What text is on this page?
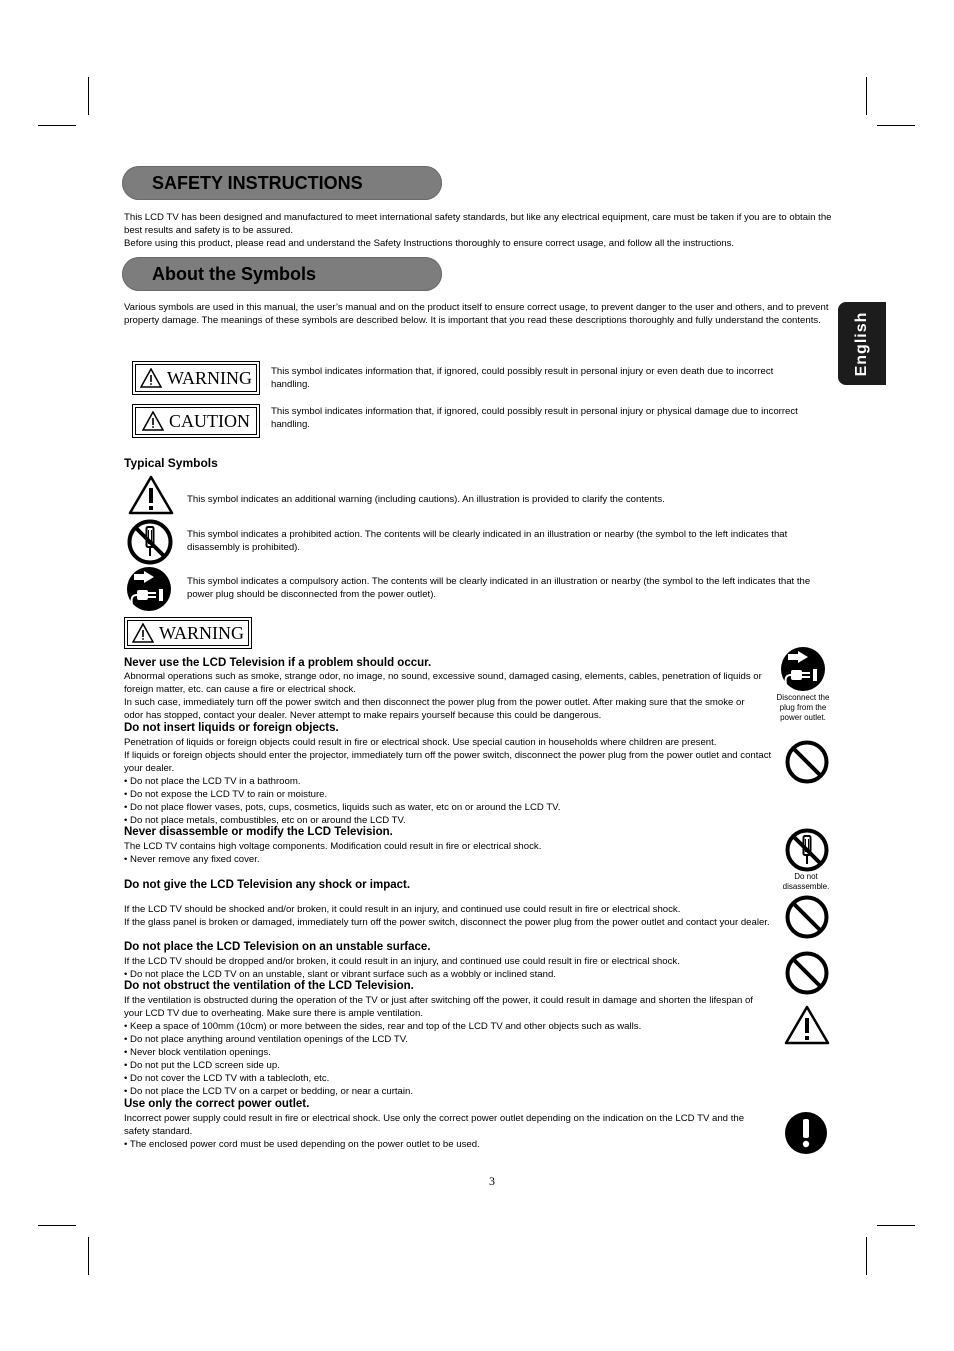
SAFETY INSTRUCTIONS
This LCD TV has been designed and manufactured to meet international safety standards, but like any electrical equipment, care must be taken if you are to obtain the best results and safety is to be assured.
Before using this product, please read and understand the Safety Instructions thoroughly to ensure correct usage, and follow all the instructions.
About the Symbols
Various symbols are used in this manual, the user’s manual and on the product itself to ensure correct usage, to prevent danger to the user and others, and to prevent property damage. The meanings of these symbols are described below. It is important that you read these descriptions thoroughly and fully understand the contents.	English
WARNING This symbol indicates information that, if ignored, could possibly result in personal injury or even death due to incorrect handling.
CAUTION This symbol indicates information that, if ignored, could possibly result in personal injury or physical damage due to incorrect handling.
Typical Symbols
This symbol indicates an additional warning (including cautions). An illustration is provided to clarify the contents.
This symbol indicates a prohibited action. The contents will be clearly indicated in an illustration or nearby (the symbol to the left indicates that disassembly is prohibited).
This symbol indicates a compulsory action. The contents will be clearly indicated in an illustration or nearby (the symbol to the left indicates that the power plug should be disconnected from the power outlet).
WARNING
Never use the LCD Television if a problem should occur.

Abnormal operations such as smoke, strange odor, no image, no sound, excessive sound, damaged casing, elements, cables, penetration of liquids or foreign matter, etc. can cause a fire or electrical shock.

In such case, immediately turn off the power switch and then disconnect the power plug from the power outlet. After making sure that the smoke or odor has stopped, contact your dealer. Never attempt to make repairs yourself because this could be dangerous.

Do not insert liquids or foreign objects.

Penetration of liquids or foreign objects could result in fire or electrical shock. Use special caution in households where children are present.

If liquids or foreign objects should enter the projector, immediately turn off the power switch, disconnect the power plug from the power outlet and contact your dealer.

• Do not place the LCD TV in a bathroom.

• Do not expose the LCD TV to rain or moisture.

• Do not place flower vases, pots, cups, cosmetics, liquids such as water, etc on or around the LCD TV.

• Do not place metals, combustibles, etc on or around the LCD TV.

Never disassemble or modify the LCD Television.

The LCD TV contains high voltage components. Modification could result in fire or electrical shock.

• Never remove any fixed cover.

Do not give the LCD Television any shock or impact.

If the LCD TV should be shocked and/or broken, it could result in an injury, and continued use could result in fire or electrical shock.

If the glass panel is broken or damaged, immediately turn off the power switch, disconnect the power plug from the power outlet and contact your dealer.

Do not place the LCD Television on an unstable surface.

If the LCD TV should be dropped and/or broken, it could result in an injury, and continued use could result in fire or electrical shock.

• Do not place the LCD TV on an unstable, slant or vibrant surface such as a wobbly or inclined stand.

Do not obstruct the ventilation of the LCD Television.

If the ventilation is obstructed during the operation of the TV or just after switching off the power, it could result in damage and shorten the lifespan of your LCD TV due to overheating. Make sure there is ample ventilation.

• Keep a space of 100mm (10cm) or more between the sides, rear and top of the LCD TV and other objects such as walls.

• Do not place anything around ventilation openings of the LCD TV.

• Never block ventilation openings.

• Do not put the LCD screen side up.

• Do not cover the LCD TV with a tablecloth, etc.

• Do not place the LCD TV on a carpet or bedding, or near a curtain.

Use only the correct power outlet.

Incorrect power supply could result in fire or electrical shock. Use only the correct power outlet depending on the indication on the LCD TV and the safety standard.

• The enclosed power cord must be used depending on the power outlet to be used.

Disconnect the plug from the power outlet.
Do not disassemble.
3
